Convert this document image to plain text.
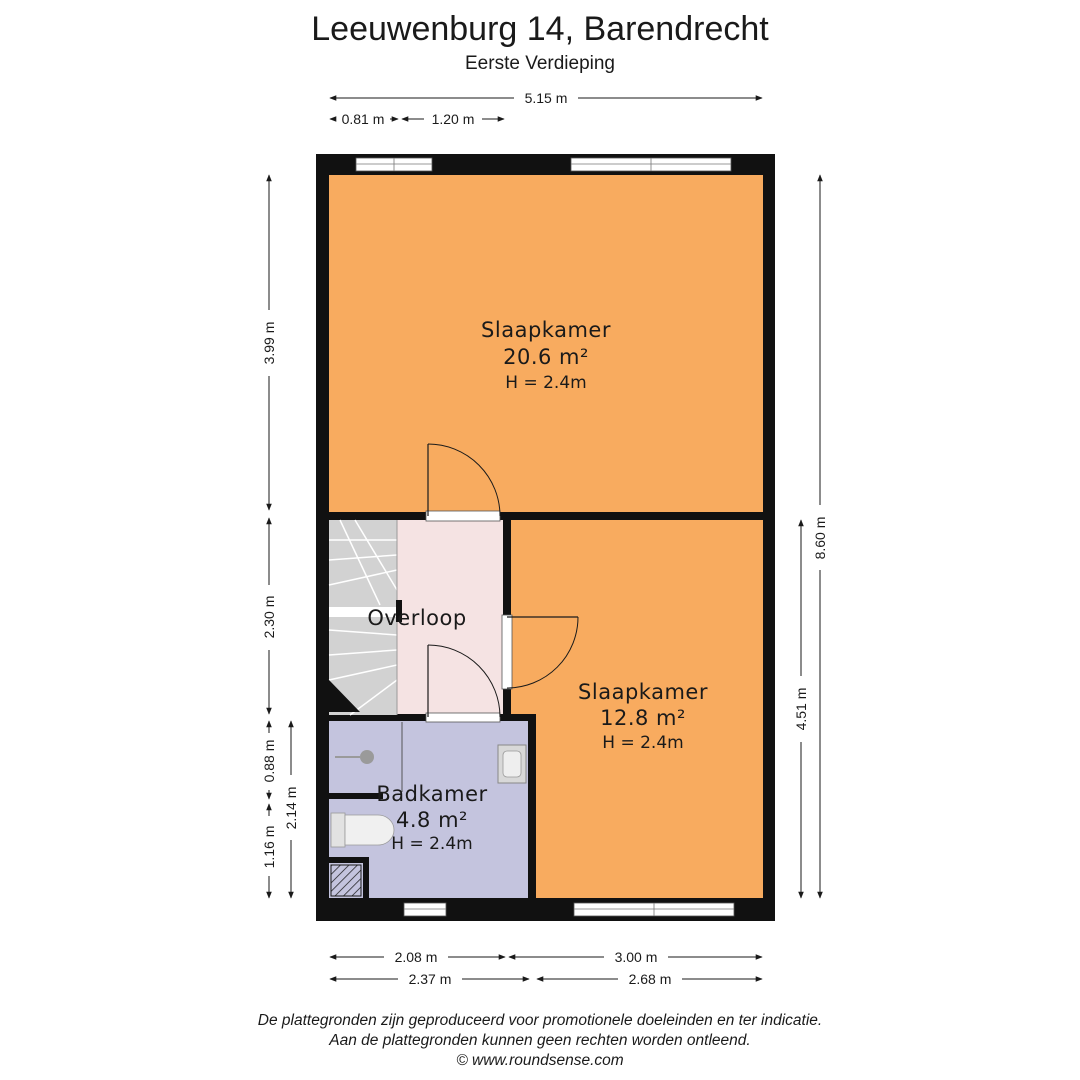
Leeuwenburg 14, Barendrecht
Eerste Verdieping
5.15 m
0.81 m	1.20 m
Slaapkamer
20.6 m²
H = 2.4m
Overloop
Slaapkamer
12.8 m²
H = 2.4m
Badkamer
4.8 m²
H = 2.4m
3.99 m
2.30 m
0.88 m
1.16 m
2.14 m
8.60 m
4.51 m
2.08 m	3.00 m
2.37 m	2.68 m
De plattegronden zijn geproduceerd voor promotionele doeleinden en ter indicatie.
Aan de plattegronden kunnen geen rechten worden ontleend.
© www.roundsense.com
